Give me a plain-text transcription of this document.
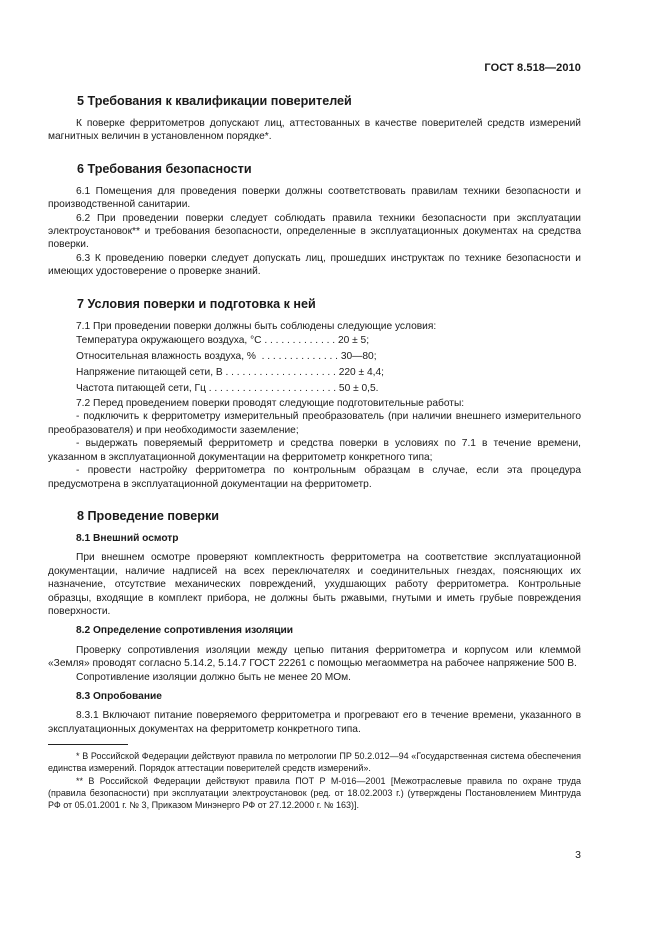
ГОСТ 8.518—2010
5 Требования к квалификации поверителей

К поверке ферритометров допускают лиц, аттестованных в качестве поверителей средств измерений магнитных величин в установленном порядке*.

6 Требования безопасности

6.1 Помещения для проведения поверки должны соответствовать правилам техники безопасности и производственной санитарии.

6.2 При проведении поверки следует соблюдать правила техники безопасности при эксплуатации электроустановок** и требования безопасности, определенные в эксплуатационных документах на средства поверки.

6.3 К проведению поверки следует допускать лиц, прошедших инструктаж по технике безопасности и имеющих удостоверение о проверке знаний.

7 Условия поверки и подготовка к ней

7.1 При проведении поверки должны быть соблюдены следующие условия:

Температура окружающего воздуха, °С . . . . . . . . . . . . . 20 ± 5;
Относительная влажность воздуха, %  . . . . . . . . . . . . . . 30—80;
Напряжение питающей сети, В . . . . . . . . . . . . . . . . . . . . 220 ± 4,4;
Частота питающей сети, Гц . . . . . . . . . . . . . . . . . . . . . . . 50 ± 0,5.

7.2 Перед проведением поверки проводят следующие подготовительные работы:

- подключить к ферритометру измерительный преобразователь (при наличии внешнего измерительного преобразователя) и при необходимости заземление;

- выдержать поверяемый ферритометр и средства поверки в условиях по 7.1 в течение времени, указанном в эксплуатационной документации на ферритометр конкретного типа;

- провести настройку ферритометра по контрольным образцам в случае, если эта процедура предусмотрена в эксплуатационной документации на ферритометр.

8 Проведение поверки
8.1 Внешний осмотр

При внешнем осмотре проверяют комплектность ферритометра на соответствие эксплуатационной документации, наличие надписей на всех переключателях и соединительных гнездах, поясняющих их назначение, отсутствие механических повреждений, ухудшающих работу ферритометра. Контрольные образцы, входящие в комплект прибора, не должны быть ржавыми, гнутыми и иметь грубые повреждения поверхности.

8.2 Определение сопротивления изоляции

Проверку сопротивления изоляции между цепью питания ферритометра и корпусом или клеммой «Земля» проводят согласно 5.14.2, 5.14.7 ГОСТ 22261 с помощью мегаомметра на рабочее напряжение 500 В.

Сопротивление изоляции должно быть не менее 20 МОм.

8.3 Опробование

8.3.1 Включают питание поверяемого ферритометра и прогревают его в течение времени, указанного в эксплуатационных документах на ферритометр конкретного типа.

* В Российской Федерации действуют правила по метрологии ПР 50.2.012—94 «Государственная система обеспечения единства измерений. Порядок аттестации поверителей средств измерений».

** В Российской Федерации действуют правила ПОТ Р М-016—2001 [Межотраслевые правила по охране труда (правила безопасности) при эксплуатации электроустановок (ред. от 18.02.2003 г.) (утверждены Постановлением Минтруда РФ от 05.01.2001 г. № 3, Приказом Минэнерго РФ от 27.12.2000 г. № 163)].

3
